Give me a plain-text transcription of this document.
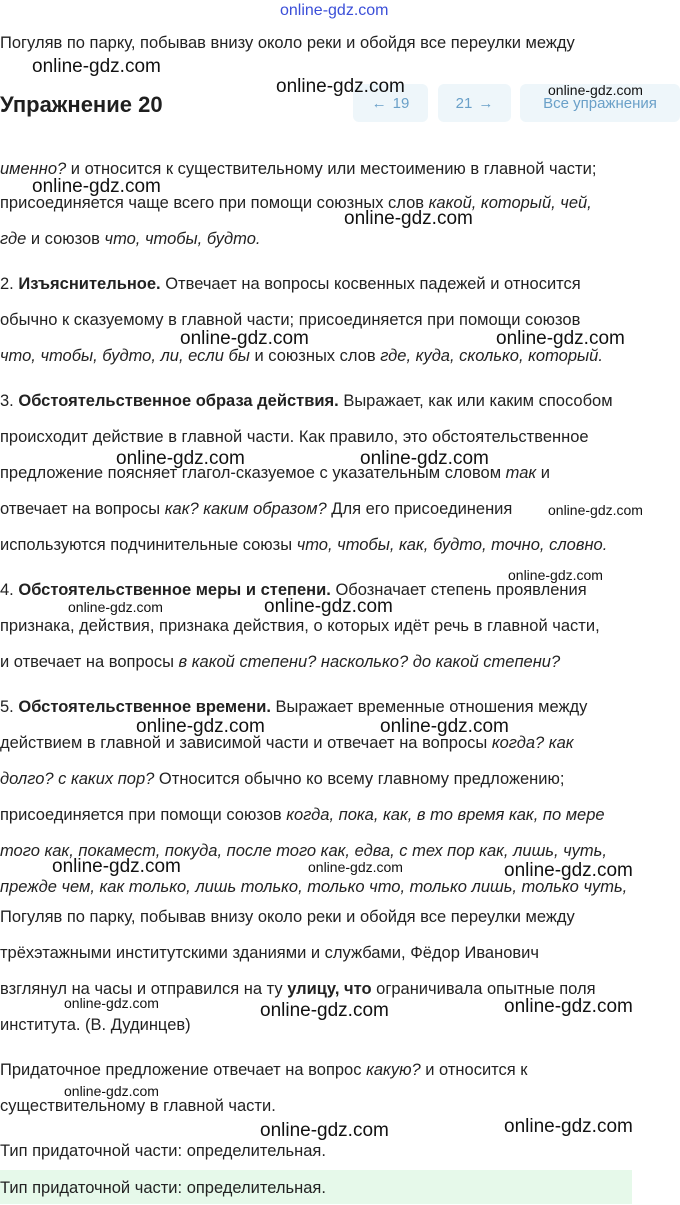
online-gdz.com
Погуляв по парку, побывав внизу около реки и обойдя все переулки между
Упражнение 20	← 19	21 →	Все упражнения
именно? и относится к существительному или местоимению в главной части;
присоединяется чаще всего при помощи союзных слов какой, который, чей,
где и союзов что, чтобы, будто.
2. Изъяснительное. Отвечает на вопросы косвенных падежей и относится
обычно к сказуемому в главной части; присоединяется при помощи союзов
что, чтобы, будто, ли, если бы и союзных слов где, куда, сколько, который.
3. Обстоятельственное образа действия. Выражает, как или каким способом
происходит действие в главной части. Как правило, это обстоятельственное
предложение поясняет глагол-сказуемое с указательным словом так и
отвечает на вопросы как? каким образом? Для его присоединения
используются подчинительные союзы что, чтобы, как, будто, точно, словно.
4. Обстоятельственное меры и степени. Обозначает степень проявления
признака, действия, признака действия, о которых идёт речь в главной части,
и отвечает на вопросы в какой степени? насколько? до какой степени?
5. Обстоятельственное времени. Выражает временные отношения между
действием в главной и зависимой части и отвечает на вопросы когда? как
долго? с каких пор? Относится обычно ко всему главному предложению;
присоединяется при помощи союзов когда, пока, как, в то время как, по мере
того как, покамест, покуда, после того как, едва, с тех пор как, лишь, чуть,
прежде чем, как только, лишь только, только что, только лишь, только чуть,
Погуляв по парку, побывав внизу около реки и обойдя все переулки между
трёхэтажными институтскими зданиями и службами, Фёдор Иванович
взглянул на часы и отправился на ту улицу, что ограничивала опытные поля
института. (В. Дудинцев)
Придаточное предложение отвечает на вопрос какую? и относится к
существительному в главной части.
Тип придаточной части: определительная.
Тип придаточной части: определительная.
online-gdz.com
online-gdz.com	online-gdz.com
online-gdz.com
online-gdz.com
online-gdz.com	online-gdz.com
online-gdz.com	online-gdz.com
online-gdz.com
online-gdz.com
online-gdz.com	online-gdz.com
online-gdz.com	online-gdz.com
online-gdz.com	online-gdz.com	online-gdz.com
online-gdz.com	online-gdz.com	online-gdz.com
online-gdz.com
online-gdz.com	online-gdz.com
